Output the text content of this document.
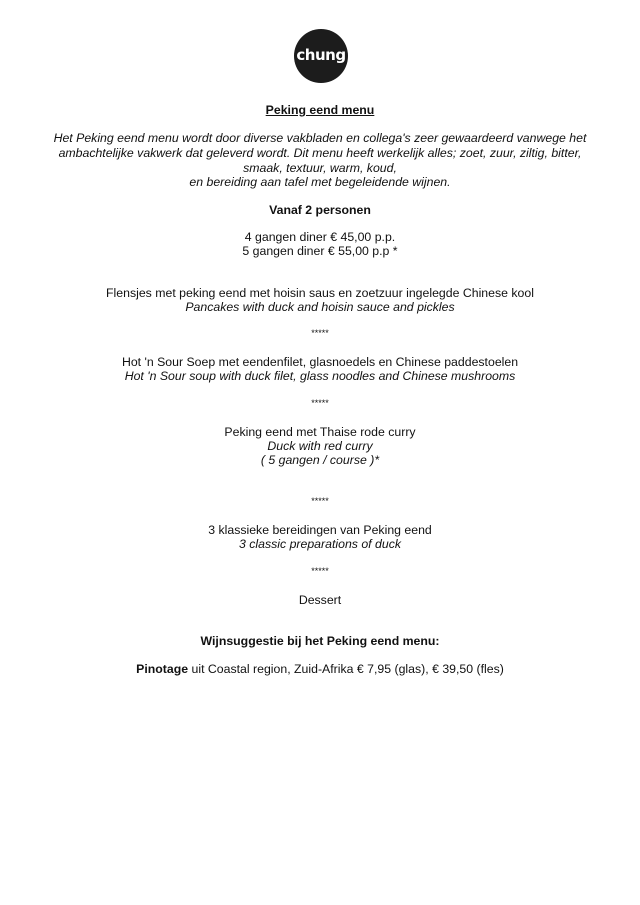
chung
Peking eend menu
Het Peking eend menu wordt door diverse vakbladen en collega's zeer gewaardeerd vanwege het
ambachtelijke vakwerk dat geleverd wordt. Dit menu heeft werkelijk alles; zoet, zuur, ziltig, bitter,
smaak, textuur, warm, koud,
en bereiding aan tafel met begeleidende wijnen.
Vanaf 2 personen
4 gangen diner € 45,00 p.p.
5 gangen diner € 55,00 p.p *
Flensjes met peking eend met hoisin saus en zoetzuur ingelegde Chinese kool
Pancakes with duck and hoisin sauce and pickles
*****
Hot 'n Sour Soep met eendenfilet, glasnoedels en Chinese paddestoelen
Hot 'n Sour soup with duck filet, glass noodles and Chinese mushrooms
*****
Peking eend met Thaise rode curry
Duck with red curry
( 5 gangen / course )*
*****
3 klassieke bereidingen van Peking eend
3 classic preparations of duck
*****
Dessert
Wijnsuggestie bij het Peking eend menu:
Pinotage uit Coastal region, Zuid-Afrika € 7,95 (glas), € 39,50 (fles)
